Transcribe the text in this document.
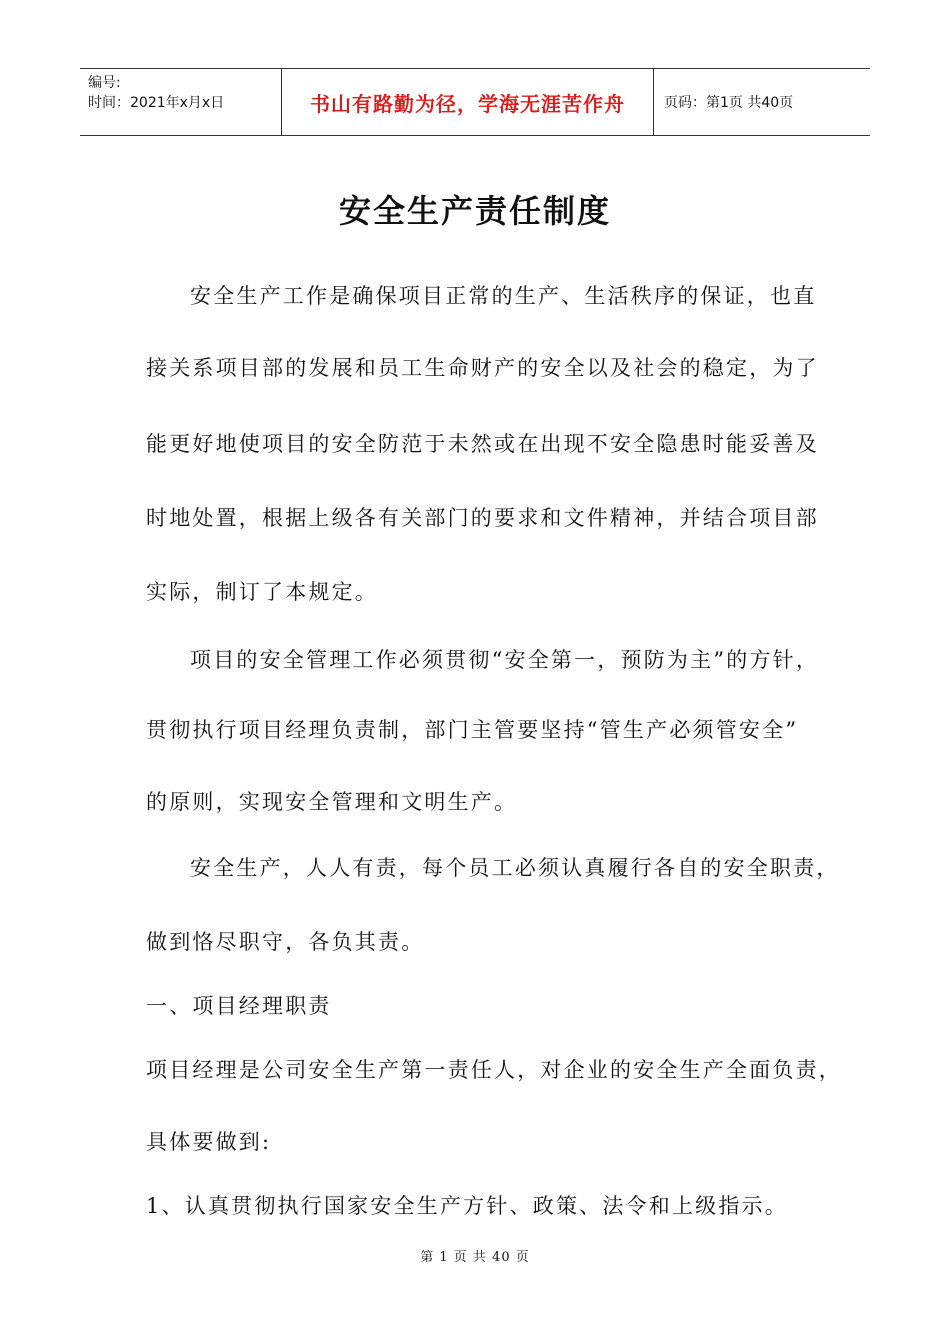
编号:
时间：2021年x月x日	书山有路勤为径，学海无涯苦作舟	页码：第1页 共40页
安全生产责任制度
安全生产工作是确保项目正常的生产、生活秩序的保证，也直
接关系项目部的发展和员工生命财产的安全以及社会的稳定，为了
能更好地使项目的安全防范于未然或在出现不安全隐患时能妥善及
时地处置，根据上级各有关部门的要求和文件精神，并结合项目部
实际，制订了本规定。
项目的安全管理工作必须贯彻“安全第一，预防为主”的方针，
贯彻执行项目经理负责制，部门主管要坚持“管生产必须管安全”
的原则，实现安全管理和文明生产。
安全生产，人人有责，每个员工必须认真履行各自的安全职责，
做到恪尽职守，各负其责。
一、项目经理职责
项目经理是公司安全生产第一责任人，对企业的安全生产全面负责，
具体要做到:
1、认真贯彻执行国家安全生产方针、政策、法令和上级指示。
第 1 页 共 40 页
